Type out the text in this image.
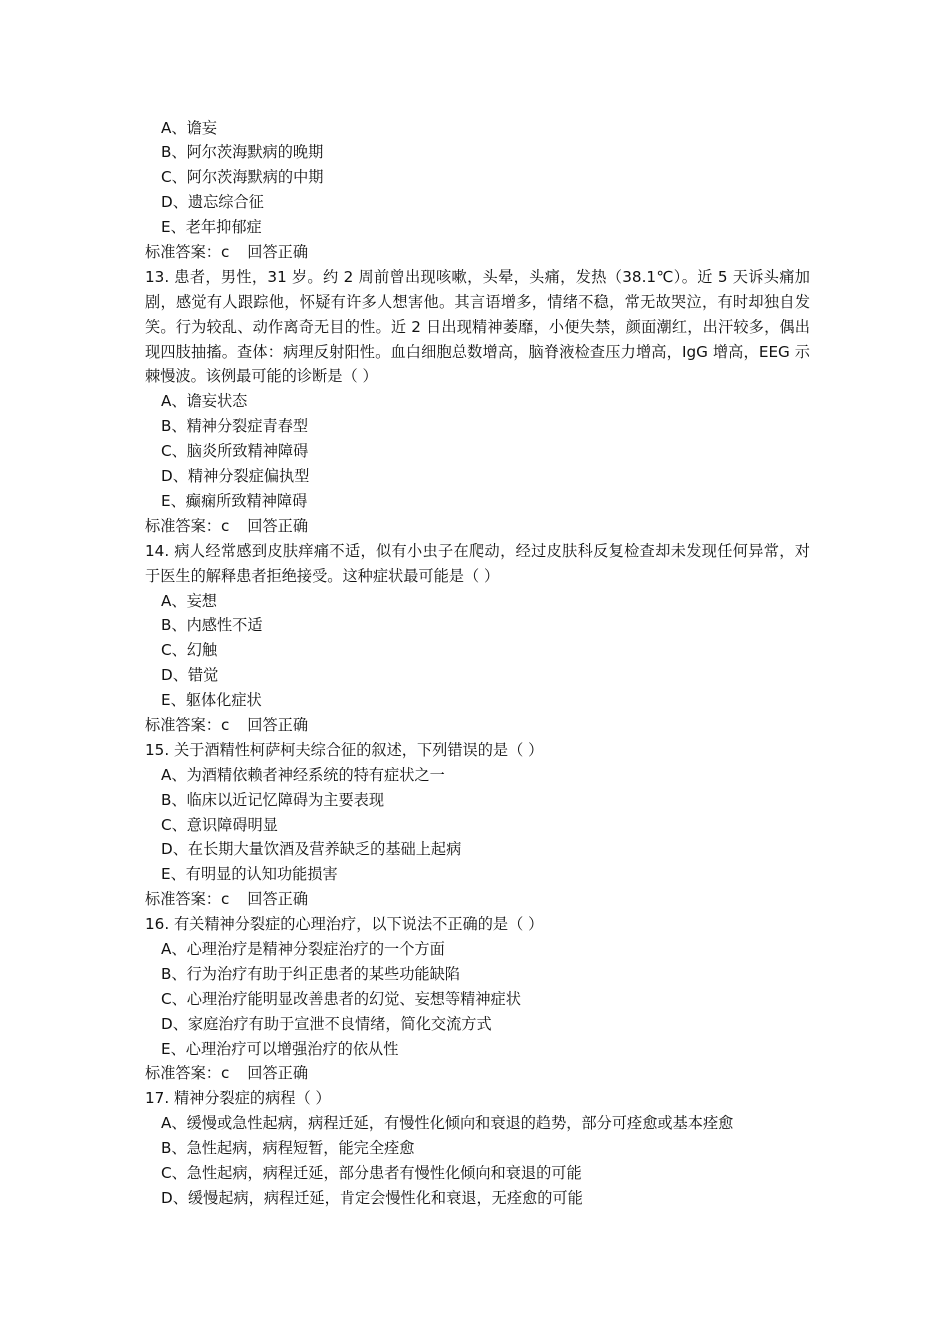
A、谵妄
B、阿尔茨海默病的晚期
C、阿尔茨海默病的中期
D、遗忘综合征
E、老年抑郁症
标准答案：c 回答正确
13. 患者，男性，31 岁。约 2 周前曾出现咳嗽，头晕，头痛，发热（38.1℃）。近 5 天诉头痛加剧，感觉有人跟踪他，怀疑有许多人想害他。其言语增多，情绪不稳，常无故哭泣，有时却独自发笑。行为较乱、动作离奇无目的性。近 2 日出现精神萎靡，小便失禁，颜面潮红，出汗较多，偶出现四肢抽搐。查体：病理反射阳性。血白细胞总数增高，脑脊液检查压力增高，IgG 增高，EEG 示棘慢波。该例最可能的诊断是（ ）
A、谵妄状态
B、精神分裂症青春型
C、脑炎所致精神障碍
D、精神分裂症偏执型
E、癫痫所致精神障碍
标准答案：c 回答正确
14. 病人经常感到皮肤痒痛不适，似有小虫子在爬动，经过皮肤科反复检查却未发现任何异常，对于医生的解释患者拒绝接受。这种症状最可能是（ ）
A、妄想
B、内感性不适
C、幻触
D、错觉
E、躯体化症状
标准答案：c 回答正确
15. 关于酒精性柯萨柯夫综合征的叙述，下列错误的是（ ）
A、为酒精依赖者神经系统的特有症状之一
B、临床以近记忆障碍为主要表现
C、意识障碍明显
D、在长期大量饮酒及营养缺乏的基础上起病
E、有明显的认知功能损害
标准答案：c 回答正确
16. 有关精神分裂症的心理治疗，以下说法不正确的是（ ）
A、心理治疗是精神分裂症治疗的一个方面
B、行为治疗有助于纠正患者的某些功能缺陷
C、心理治疗能明显改善患者的幻觉、妄想等精神症状
D、家庭治疗有助于宣泄不良情绪，简化交流方式
E、心理治疗可以增强治疗的依从性
标准答案：c 回答正确
17. 精神分裂症的病程（ ）
A、缓慢或急性起病，病程迁延，有慢性化倾向和衰退的趋势，部分可痊愈或基本痊愈
B、急性起病，病程短暂，能完全痊愈
C、急性起病，病程迁延，部分患者有慢性化倾向和衰退的可能
D、缓慢起病，病程迁延，肯定会慢性化和衰退，无痊愈的可能
